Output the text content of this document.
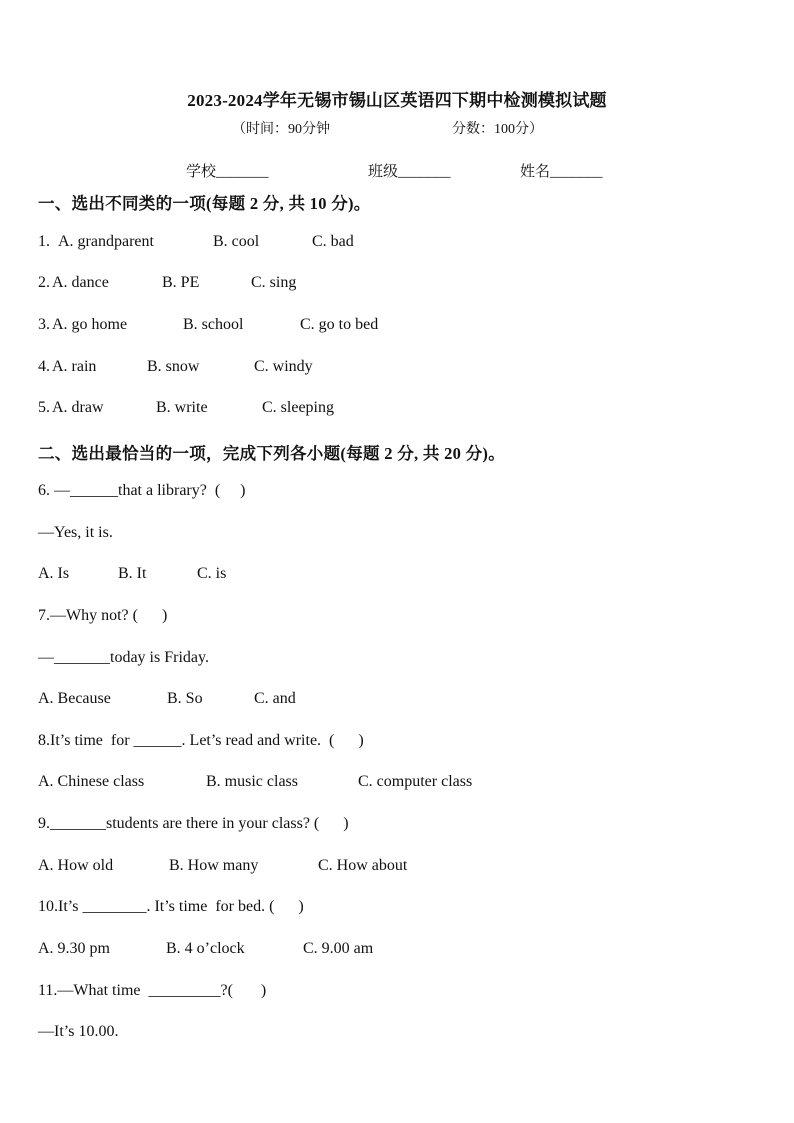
2023-2024学年无锡市锡山区英语四下期中检测模拟试题
（时间：90分钟	分数：100分）
学校_______	班级_______	姓名_______
一、选出不同类的一项(每题 2 分, 共 10 分)。
1. A. grandparent	B. cool	C. bad
2. A. dance	B. PE	C. sing
3. A. go home	B. school	C. go to bed
4. A. rain	B. snow	C. windy
5. A. draw	B. write	C. sleeping
二、选出最恰当的一项，完成下列各小题(每题 2 分, 共 20 分)。
6. —______that a library?  (     )
—Yes, it is.
A. Is	B. It	C. is
7.—Why not? (      )
—_______today is Friday.
A. Because	B. So	C. and
8.It’s time  for ______. Let’s read and write.  (      )
A. Chinese class	B. music class	C. computer class
9._______students are there in your class? (      )
A. How old	B. How many	C. How about
10.It’s ________. It’s time  for bed. (      )
A. 9.30 pm	B. 4 o’clock	C. 9.00 am
11.—What time  _________?(       )
—It’s 10.00.
